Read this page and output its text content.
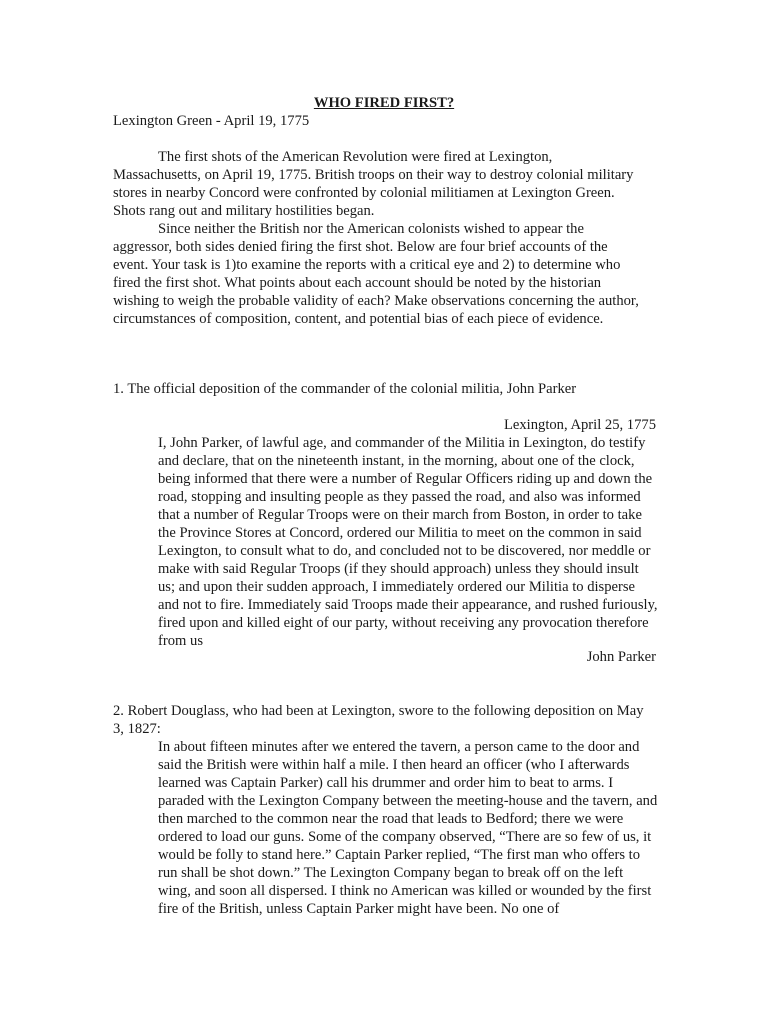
WHO FIRED FIRST?
Lexington Green - April 19, 1775

The first shots of the American Revolution were fired at Lexington, Massachusetts, on April 19, 1775. British troops on their way to destroy colonial military stores in nearby Concord were confronted by colonial militiamen at Lexington Green. Shots rang out and military hostilities began.

Since neither the British nor the American colonists wished to appear the aggressor, both sides denied firing the first shot. Below are four brief accounts of the event. Your task is 1)to examine the reports with a critical eye and 2) to determine who fired the first shot. What points about each account should be noted by the historian wishing to weigh the probable validity of each? Make observations concerning the author, circumstances of composition, content, and potential bias of each piece of evidence.

1. The official deposition of the commander of the colonial militia, John Parker
Lexington, April 25, 1775
I, John Parker, of lawful age, and commander of the Militia in Lexington, do testify and declare, that on the nineteenth instant, in the morning, about one of the clock, being informed that there were a number of Regular Officers riding up and down the road, stopping and insulting people as they passed the road, and also was informed that a number of Regular Troops were on their march from Boston, in order to take the Province Stores at Concord, ordered our Militia to meet on the common in said Lexington, to consult what to do, and concluded not to be discovered, nor meddle or make with said Regular Troops (if they should approach) unless they should insult us; and upon their sudden approach, I immediately ordered our Militia to disperse and not to fire. Immediately said Troops made their appearance, and rushed furiously, fired upon and killed eight of our party, without receiving any provocation therefore from us
John Parker
2. Robert Douglass, who had been at Lexington, swore to the following deposition on May 3, 1827:
In about fifteen minutes after we entered the tavern, a person came to the door and said the British were within half a mile. I then heard an officer (who I afterwards learned was Captain Parker) call his drummer and order him to beat to arms. I paraded with the Lexington Company between the meeting-house and the tavern, and then marched to the common near the road that leads to Bedford; there we were ordered to load our guns. Some of the company observed, “There are so few of us, it would be folly to stand here.” Captain Parker replied, “The first man who offers to run shall be shot down.” The Lexington Company began to break off on the left wing, and soon all dispersed. I think no American was killed or wounded by the first fire of the British, unless Captain Parker might have been. No one of
